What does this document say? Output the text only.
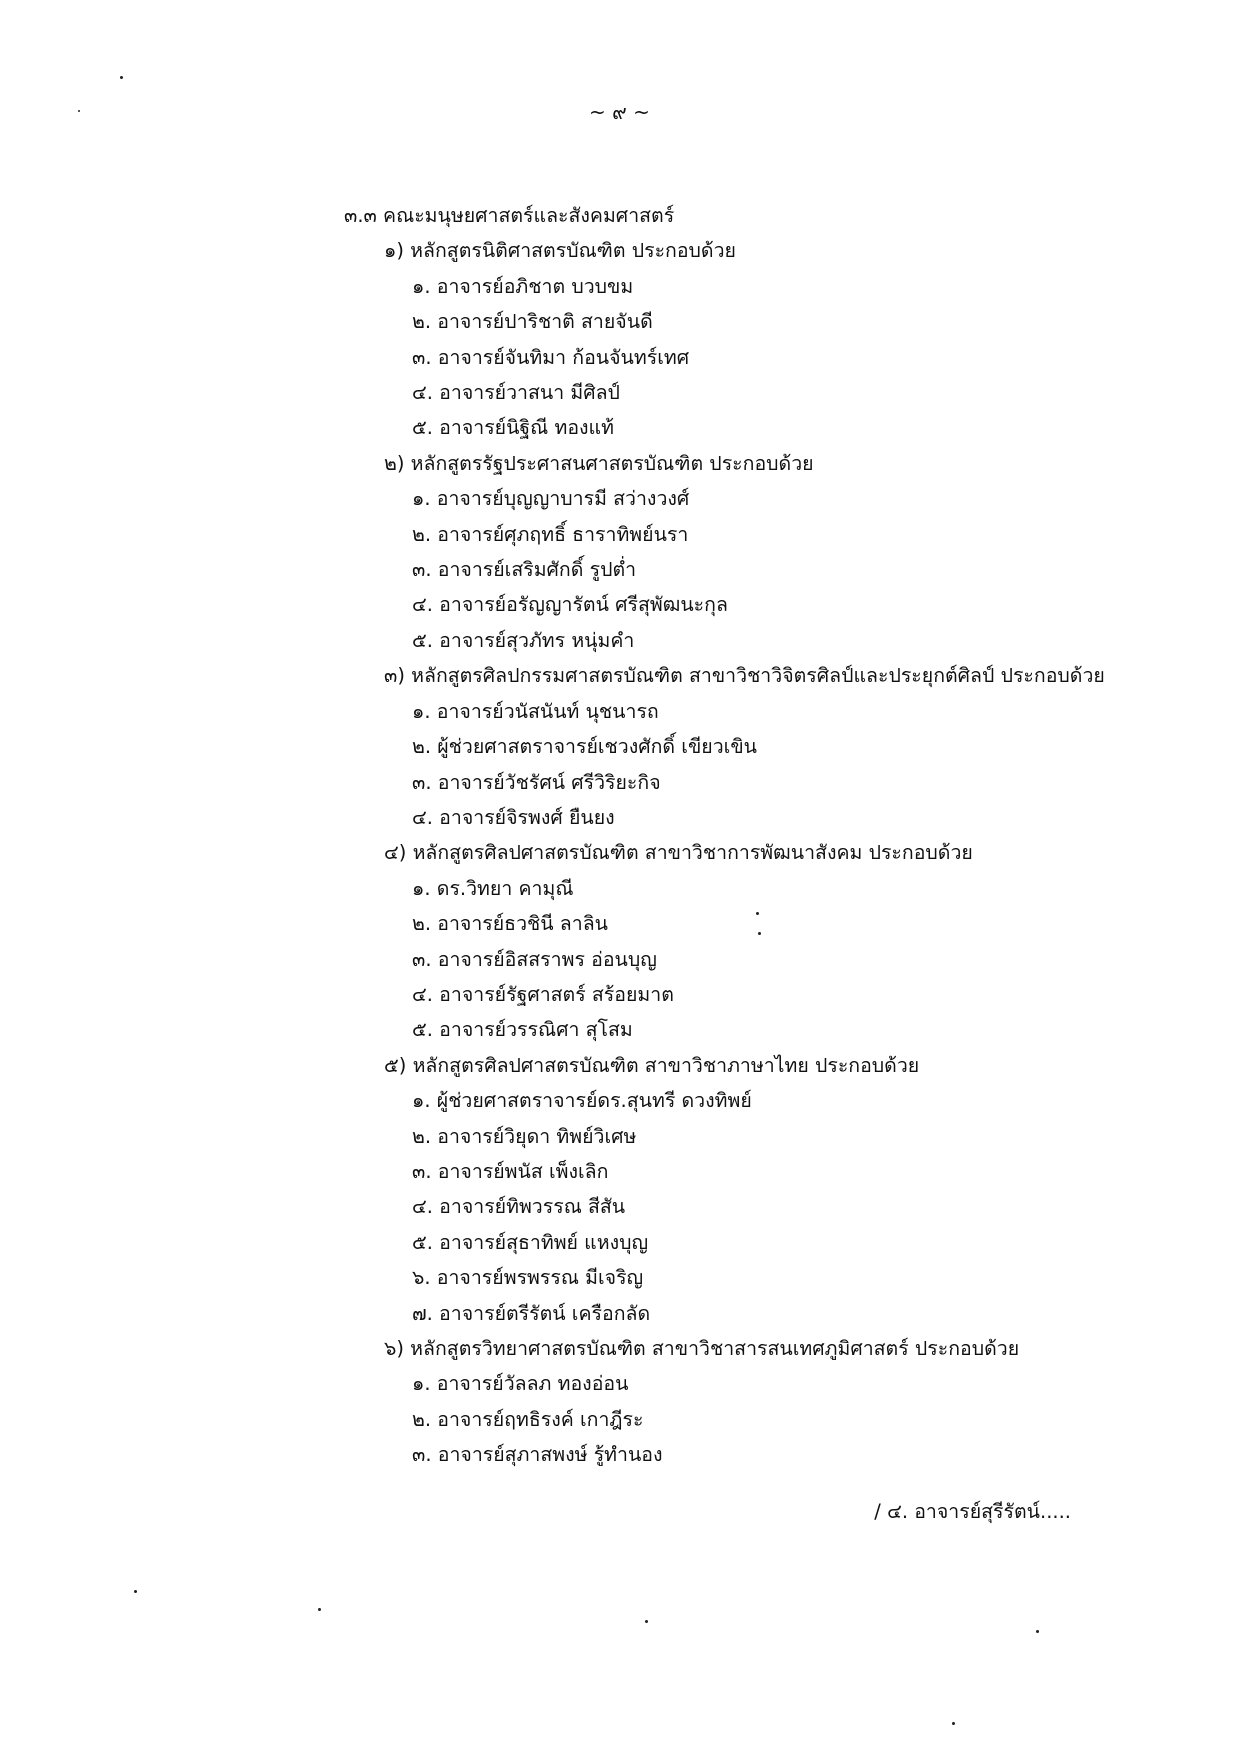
~ ๙ ~
๓.๓ คณะมนุษยศาสตร์และสังคมศาสตร์
๑) หลักสูตรนิติศาสตรบัณฑิต ประกอบด้วย
๑. อาจารย์อภิชาต บวบขม
๒. อาจารย์ปาริชาติ สายจันดี
๓. อาจารย์จันทิมา ก้อนจันทร์เทศ
๔. อาจารย์วาสนา มีศิลป์
๕. อาจารย์นิฐิณี ทองแท้
๒) หลักสูตรรัฐประศาสนศาสตรบัณฑิต ประกอบด้วย
๑. อาจารย์บุญญาบารมี สว่างวงศ์
๒. อาจารย์ศุภฤทธิ์ ธาราทิพย์นรา
๓. อาจารย์เสริมศักดิ์ รูปต่ำ
๔. อาจารย์อรัญญารัตน์ ศรีสุพัฒนะกุล
๕. อาจารย์สุวภัทร หนุ่มคำ
๓) หลักสูตรศิลปกรรมศาสตรบัณฑิต สาขาวิชาวิจิตรศิลป์และประยุกต์ศิลป์ ประกอบด้วย
๑. อาจารย์วนัสนันท์ นุชนารถ
๒. ผู้ช่วยศาสตราจารย์เชวงศักดิ์ เขียวเขิน
๓. อาจารย์วัชรัศน์ ศรีวิริยะกิจ
๔. อาจารย์จิรพงศ์ ยืนยง
๔) หลักสูตรศิลปศาสตรบัณฑิต สาขาวิชาการพัฒนาสังคม ประกอบด้วย
๑. ดร.วิทยา คามุณี
๒. อาจารย์ธวชินี ลาลิน
๓. อาจารย์อิสสราพร อ่อนบุญ
๔. อาจารย์รัฐศาสตร์ สร้อยมาต
๕. อาจารย์วรรณิศา สุโสม
๕) หลักสูตรศิลปศาสตรบัณฑิต สาขาวิชาภาษาไทย ประกอบด้วย
๑. ผู้ช่วยศาสตราจารย์ดร.สุนทรี ดวงทิพย์
๒. อาจารย์วิยุดา ทิพย์วิเศษ
๓. อาจารย์พนัส เพ็งเลิก
๔. อาจารย์ทิพวรรณ สีสัน
๕. อาจารย์สุธาทิพย์ แหงบุญ
๖. อาจารย์พรพรรณ มีเจริญ
๗. อาจารย์ตรีรัตน์ เครือกลัด
๖) หลักสูตรวิทยาศาสตรบัณฑิต สาขาวิชาสารสนเทศภูมิศาสตร์ ประกอบด้วย
๑. อาจารย์วัลลภ ทองอ่อน
๒. อาจารย์ฤทธิรงค์ เกาฎีระ
๓. อาจารย์สุภาสพงษ์ รู้ทำนอง
/ ๔. อาจารย์สุรีรัตน์.....
